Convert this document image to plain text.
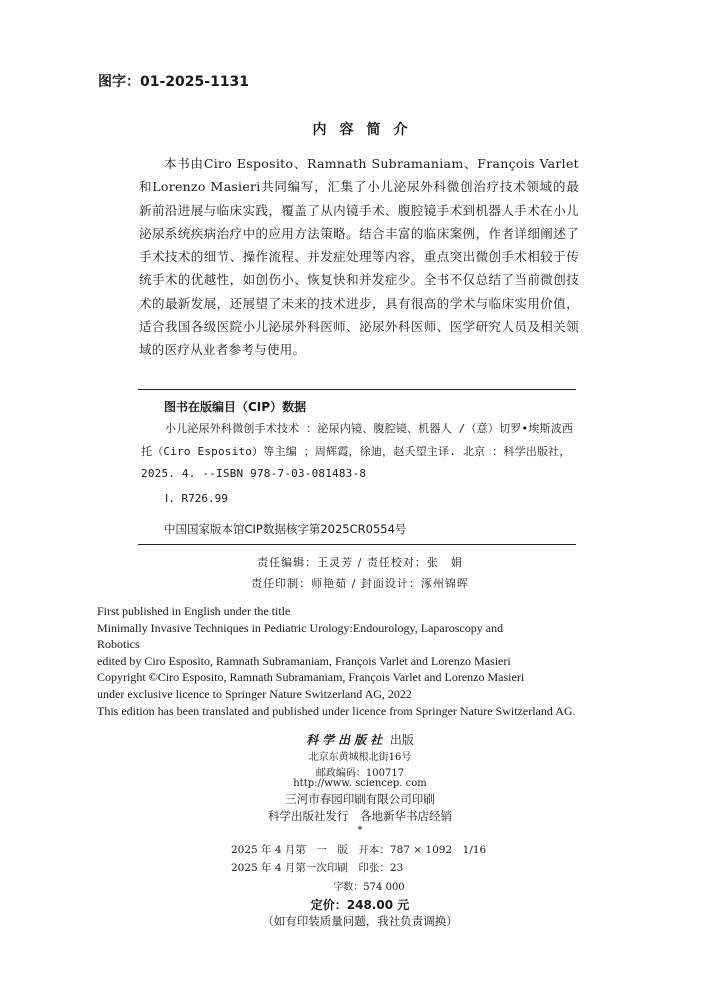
图字：01-2025-1131
内容简介

本书由Ciro Esposito、Ramnath Subramaniam、François Varlet和Lorenzo Masieri共同编写，汇集了小儿泌尿外科微创治疗技术领域的最新前沿进展与临床实践，覆盖了从内镜手术、腹腔镜手术到机器人手术在小儿泌尿系统疾病治疗中的应用方法策略。结合丰富的临床案例，作者详细阐述了手术技术的细节、操作流程、并发症处理等内容，重点突出微创手术相较于传统手术的优越性，如创伤小、恢复快和并发症少。全书不仅总结了当前微创技术的最新发展，还展望了未来的技术进步，具有很高的学术与临床实用价值，适合我国各级医院小儿泌尿外科医师、泌尿外科医师、医学研究人员及相关领域的医疗从业者参考与使用。

图书在版编目（CIP）数据

小儿泌尿外科微创手术技术 ：泌尿内镜、腹腔镜、机器人 /（意）切罗•埃斯波西托（Ciro Esposito）等主编 ；周辉霞，徐迪，赵夭望主译. 北京 ：科学出版社，2025. 4. --ISBN 978-7-03-081483-8

Ⅰ. R726.99
中国国家版本馆CIP数据核字第2025CR0554号
责任编辑：王灵芳 / 责任校对：张　娟
责任印制：师艳茹 / 封面设计：涿州锦晖
First published in English under the title
Minimally Invasive Techniques in Pediatric Urology:Endourology, Laparoscopy and
Robotics
edited by Ciro Esposito, Ramnath Subramaniam, François Varlet and Lorenzo Masieri
Copyright ©Ciro Esposito, Ramnath Subramaniam, François Varlet and Lorenzo Masieri
under exclusive licence to Springer Nature Switzerland AG, 2022
This edition has been translated and published under licence from Springer Nature Switzerland AG.
科学出版社 出版
北京东黄城根北街16号
邮政编码：100717
http://www. sciencep. com
三河市春园印刷有限公司印刷
科学出版社发行　各地新华书店经销
*
2025 年 4 月第　一　版　开本：787 × 1092　1/16
2025 年 4 月第一次印刷　印张：23
字数：574 000
定价：248.00 元
（如有印装质量问题，我社负责调换）
